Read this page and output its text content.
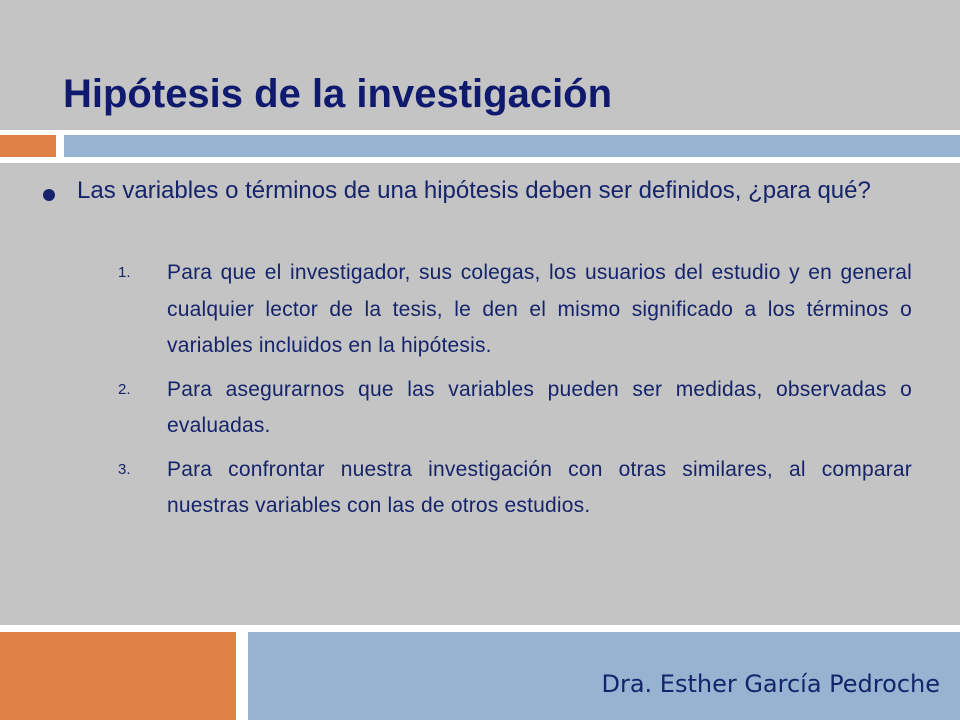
Hipótesis de la investigación

Las variables o términos de una hipótesis deben ser definidos, ¿para qué?

1. Para que el investigador, sus colegas, los usuarios del estudio y en general cualquier lector de la tesis, le den el mismo significado a los términos o variables incluidos en la hipótesis.

2. Para asegurarnos que las variables pueden ser medidas, observadas o evaluadas.

3. Para confrontar nuestra investigación con otras similares, al comparar nuestras variables con las de otros estudios.

Dra. Esther García Pedroche
